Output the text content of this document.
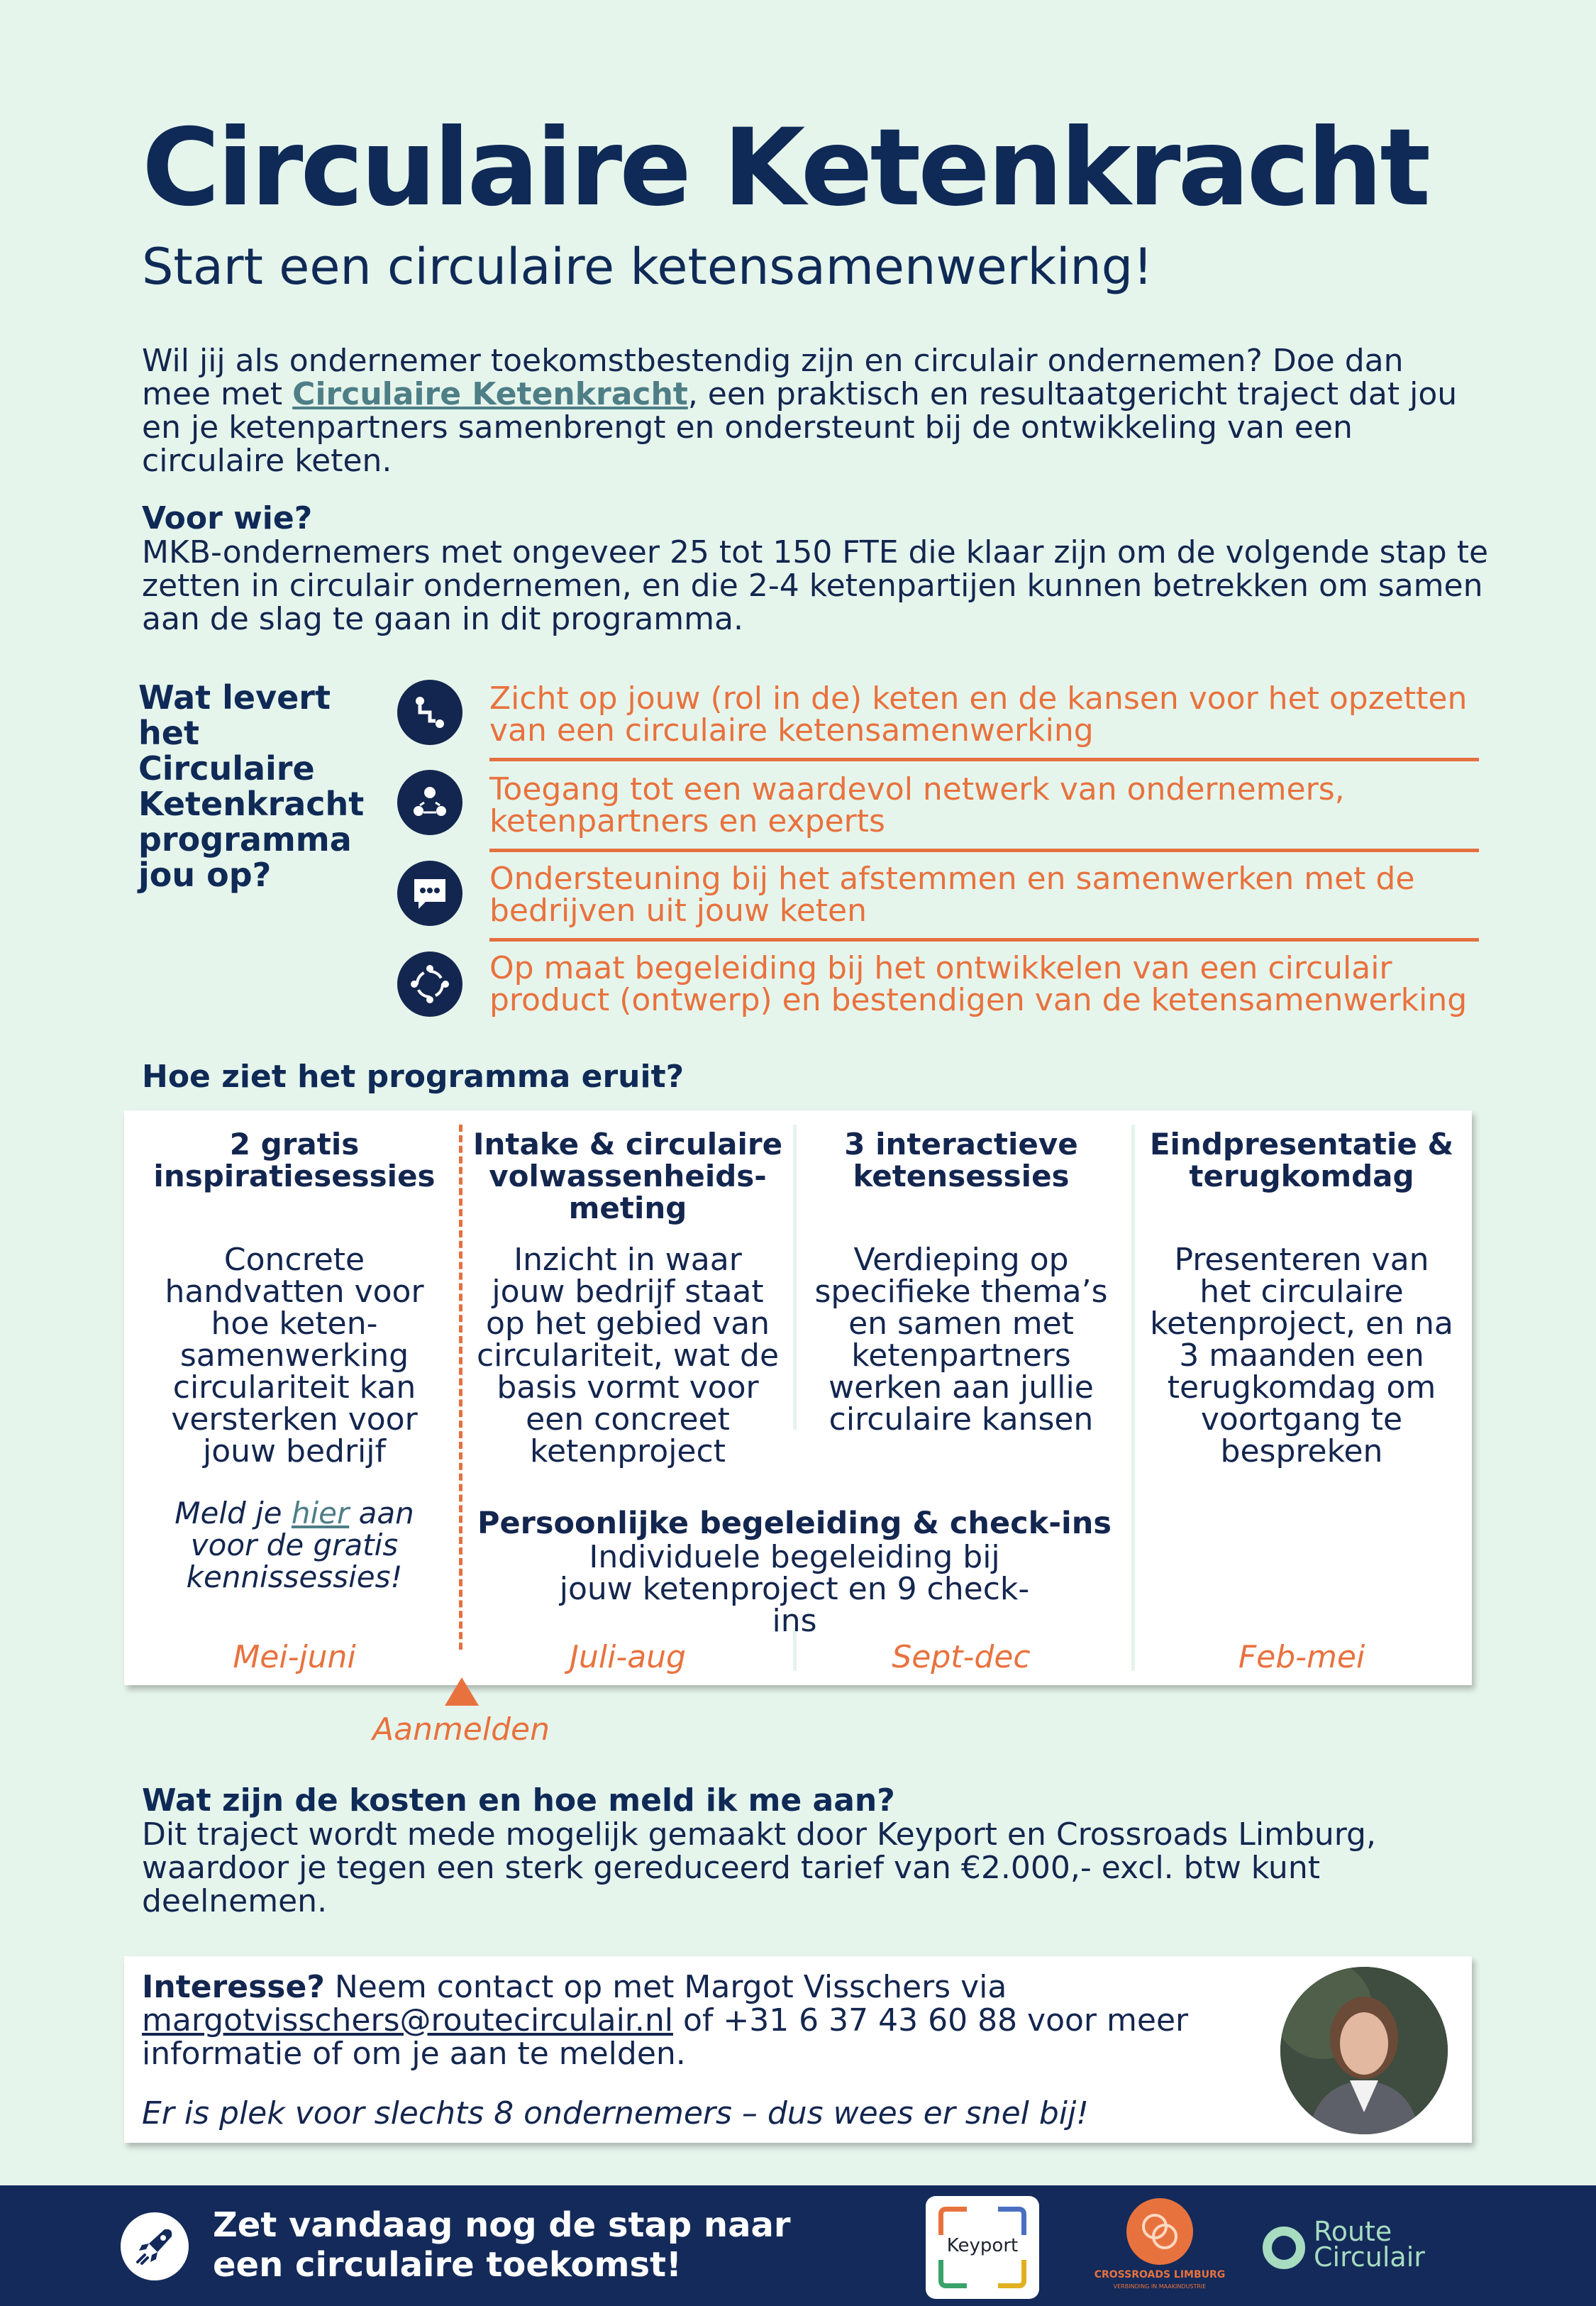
Circulaire Ketenkracht
Start een circulaire ketensamenwerking!
Wil jij als ondernemer toekomstbestendig zijn en circulair ondernemen? Doe dan mee met Circulaire Ketenkracht, een praktisch en resultaatgericht traject dat jou en je ketenpartners samenbrengt en ondersteunt bij de ontwikkeling van een circulaire keten.
Voor wie?
MKB-ondernemers met ongeveer 25 tot 150 FTE die klaar zijn om de volgende stap te zetten in circulair ondernemen, en die 2-4 ketenpartijen kunnen betrekken om samen aan de slag te gaan in dit programma.
Wat levert het Circulaire Ketenkracht programma jou op?
Zicht op jouw (rol in de) keten en de kansen voor het opzetten van een circulaire ketensamenwerking
Toegang tot een waardevol netwerk van ondernemers, ketenpartners en experts
Ondersteuning bij het afstemmen en samenwerken met de bedrijven uit jouw keten
Op maat begeleiding bij het ontwikkelen van een circulair product (ontwerp) en bestendigen van de ketensamenwerking
Hoe ziet het programma eruit?
2 gratis inspiratiesessies
Concrete handvatten voor hoe keten-samenwerking circulariteit kan versterken voor jouw bedrijf
Meld je hier aan voor de gratis kennissessies!
Mei-juni
Intake & circulaire volwassenheids-meting
Inzicht in waar jouw bedrijf staat op het gebied van circulariteit, wat de basis vormt voor een concreet ketenproject
Juli-aug
3 interactieve ketensessies
Verdieping op specifieke thema’s en samen met ketenpartners werken aan jullie circulaire kansen
Sept-dec
Eindpresentatie & terugkomdag
Presenteren van het circulaire ketenproject, en na 3 maanden een terugkomdag om voortgang te bespreken
Feb-mei
Persoonlijke begeleiding & check-ins
Individuele begeleiding bij jouw ketenproject en 9 check-ins
Aanmelden
Wat zijn de kosten en hoe meld ik me aan?
Dit traject wordt mede mogelijk gemaakt door Keyport en Crossroads Limburg, waardoor je tegen een sterk gereduceerd tarief van €2.000,- excl. btw kunt deelnemen.
Interesse? Neem contact op met Margot Visschers via margotvisschers@routecirculair.nl of +31 6 37 43 60 88 voor meer informatie of om je aan te melden.
Er is plek voor slechts 8 ondernemers – dus wees er snel bij!
Zet vandaag nog de stap naar
een circulaire toekomst!	Keyport
CROSSROADS LIMBURG
VERBINDING IN MAAKINDUSTRIE
Route
Circulair
